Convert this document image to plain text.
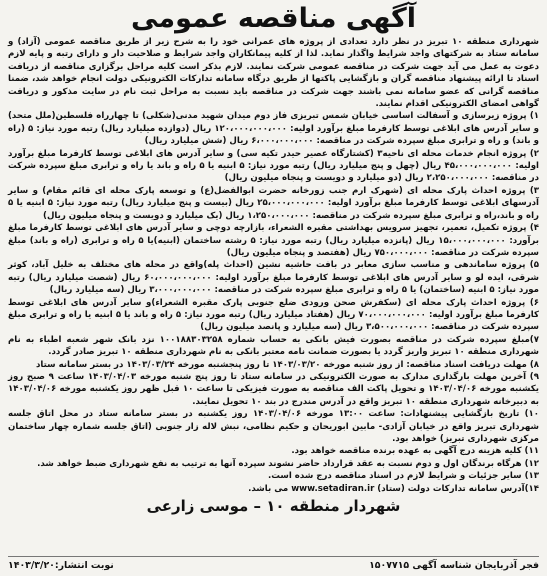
آگهی مناقصه عمومی

شهرداری منطقه ۱۰ تبریز در نظر دارد تعدادی از پروژه های عمرانی خود را به شرح زیر از طریق مناقصه عمومی (آزاد) و سامانه ستاد به شرکتهای واجد شرایط واگذار نماید. لذا از کلیه پیمانکاران واجد شرایط و صلاحیت دار و دارای رتبه و پایه لازم دعوت به عمل می آید جهت شرکت در مناقصه عمومی شرکت نمایند. لازم بذکر است کلیه مراحل برگزاری مناقصه از دریافت اسناد تا ارائه پیشنهاد مناقصه گران و بازگشایی پاکتها از طریق درگاه سامانه تدارکات الکترونیکی دولت انجام خواهد شد، ضمنا مناقصه گرانی که عضو سامانه نمی باشند جهت شرکت در مناقصه باید نسبت به مراحل ثبت نام در سایت مذکور و دریافت گواهی امضای الکترونیکی اقدام نمایند.

۱) پروژه زیرسازی و آسفالت اساسی خیابان شمس تبریزی فاز دوم میدان شهید مدنی(شکلی) تا چهارراه فلسطین(ملل متحد) و سایر آدرس های ابلاغی توسط کارفرما مبلغ برآورد اولیه: ۱۲۰،۰۰۰،۰۰۰،۰۰۰ ریال (دوازده میلیارد ریال) رتبه مورد نیاز: ۵ (راه و باند) و راه و ترابری مبلغ سپرده شرکت در مناقصه: ۶،۰۰۰،۰۰۰،۰۰۰ ریال (شش میلیارد ریال)

۲) پروژه انجام خدمات محله ای ناحیه۳ (کشتارگاه عصیر حیدر تکیه سی) و سایر آدرس های ابلاغی توسط کارفرما مبلغ برآورد اولیه: ۴۵،۰۰۰،۰۰۰،۰۰۰ ریال (چهل و پنج میلیارد ریال) رتبه مورد نیاز: ۵ ابنیه یا ۵ راه و باند یا راه و ترابری مبلغ سپرده شرکت در مناقصه: ۲،۲۵۰،۰۰۰،۰۰۰ ریال (دو میلیارد و دویست و پنجاه میلیون ریال)

۳) پروژه احداث پارک محله ای (شهرک ارم جنب زورخانه حضرت ابوالفضل(ع) و توسعه پارک محله ای قائم مقام) و سایر آدرسهای ابلاغی توسط کارفرما مبلغ برآورد اولیه: ۲۵،۰۰۰،۰۰۰،۰۰۰ ریال (بیست و پنج میلیارد ریال) رتبه مورد نیاز: ۵ ابنیه یا ۵ راه و باند،راه و ترابری مبلغ سپرده شرکت در مناقصه: ۱،۲۵۰،۰۰۰،۰۰۰ ریال (یک میلیارد و دویست و پنجاه میلیون ریال)

۴) پروژه تکمیل، تعمیر، تجهیز سرویس بهداشتی مقبره الشعراء، بازارچه دوچی و سایر آدرس های ابلاغی توسط کارفرما مبلغ برآورد: ۱۵،۰۰۰،۰۰۰،۰۰۰ ریال (پانزده میلیارد ریال) رتبه مورد نیاز: ۵ رشته ساختمان (ابنیه)یا ۵ راه و ترابری (راه و باند) مبلغ سپرده شرکت در مناقصه: ۷۵۰،۰۰۰،۰۰۰ ریال (هفتصد و پنجاه میلیون ریال)

۵) پروژه ساماندهی و مناسب سازی معابر در بافت حاشیه نشین (احداث پله)واقع در محله های مختلف به خلیل آباد، کوثر شرقی، ایده لو و سایر آدرس های ابلاغی توسط کارفرما مبلغ برآورد اولیه: ۶۰،۰۰۰،۰۰۰،۰۰۰ ریال (شصت میلیارد ریال) رتبه مورد نیاز: ۵ ابنیه (ساختمان) یا ۵ راه و ترابری مبلغ سپرده شرکت در مناقصه: ۳،۰۰۰،۰۰۰،۰۰۰ ریال (سه میلیارد ریال)

۶) پروژه احداث پارک محله ای (سکفرش صحن ورودی ضلع جنوبی پارک مقبره الشعراء)و سایر آدرس های ابلاغی توسط کارفرما مبلغ برآورد اولیه: ۷۰،۰۰۰،۰۰۰،۰۰۰ ریال (هفتاد میلیارد ریال) رتبه مورد نیاز: ۵ راه و باند یا ۵ ابنیه یا راه و ترابری مبلغ سپرده شرکت در مناقصه: ۳،۵۰۰،۰۰۰،۰۰۰ ریال (سه میلیارد و پانصد میلیون ریال)

۷)مبلغ سپرده شرکت در مناقصه بصورت فیش بانکی به حساب شماره ۱۰۰۱۸۸۳۰۳۲۵۸ نزد بانک شهر شعبه اطباء به نام شهرداری منطقه ۱۰ تبریز واریز گردد یا بصورت ضمانت نامه معتبر بانکی به نام شهرداری منطقه ۱۰ تبریز صادر گردد.

۸) مهلت دریافت اسناد مناقصه: از روز شنبه مورخه ۱۴۰۳/۰۳/۲۰ تا روز پنجشنبه مورخه ۱۴۰۳/۰۳/۲۴ در بستر سامانه ستاد

۹) آخرین مهلت بارگذاری مدارک به صورت الکترونیکی در سامانه ستاد تا روز پنج شنبه مورخه ۱۴۰۳/۰۴/۰۳ ساعت ۹ صبح روز یکشنبه مورخه ۱۴۰۳/۰۴/۰۶ و تحویل پاکت الف مناقصه به صورت فیزیکی تا ساعت ۱۰ قبل ظهر روز یکشنبه مورخه ۱۴۰۳/۰۴/۰۶ به دبیرخانه شهرداری منطقه ۱۰ تبریز واقع در آدرس مندرج در بند ۱۰ تحویل نمایند.

۱۰) تاریخ بازگشایی پیشنهادات: ساعت ۱۳:۰۰ مورخه ۱۴۰۳/۰۴/۰۶ روز یکشنبه در بستر سامانه ستاد در محل اتاق جلسه شهرداری تبریز واقع در خیابان آزادی- مابین ابوریحان و حکیم نظامی، نبش لاله زار جنوبی (اتاق جلسه شماره چهار ساختمان مرکزی شهرداری تبریز) خواهد بود.

۱۱) کلیه هزینه درج آگهی به عهده برنده مناقصه خواهد بود.

۱۲) هرگاه برندگان اول و دوم نسبت به عقد قرارداد حاضر نشوند سپرده آنها به ترتیب به نفع شهرداری ضبط خواهد شد.

۱۳) سایر جزئیات و شرایط لازم در اسناد مناقصه درج شده است.

۱۴)آدرس سامانه تدارکات دولت (ستاد) www.setadiran.ir می باشد.

شهردار منطقه ۱۰ – موسی زارعی
فجر آذربایجان شناسه آگهی ۱۵۰۷۷۱۵
نوبت انتشار:۱۴۰۳/۳/۲۰
